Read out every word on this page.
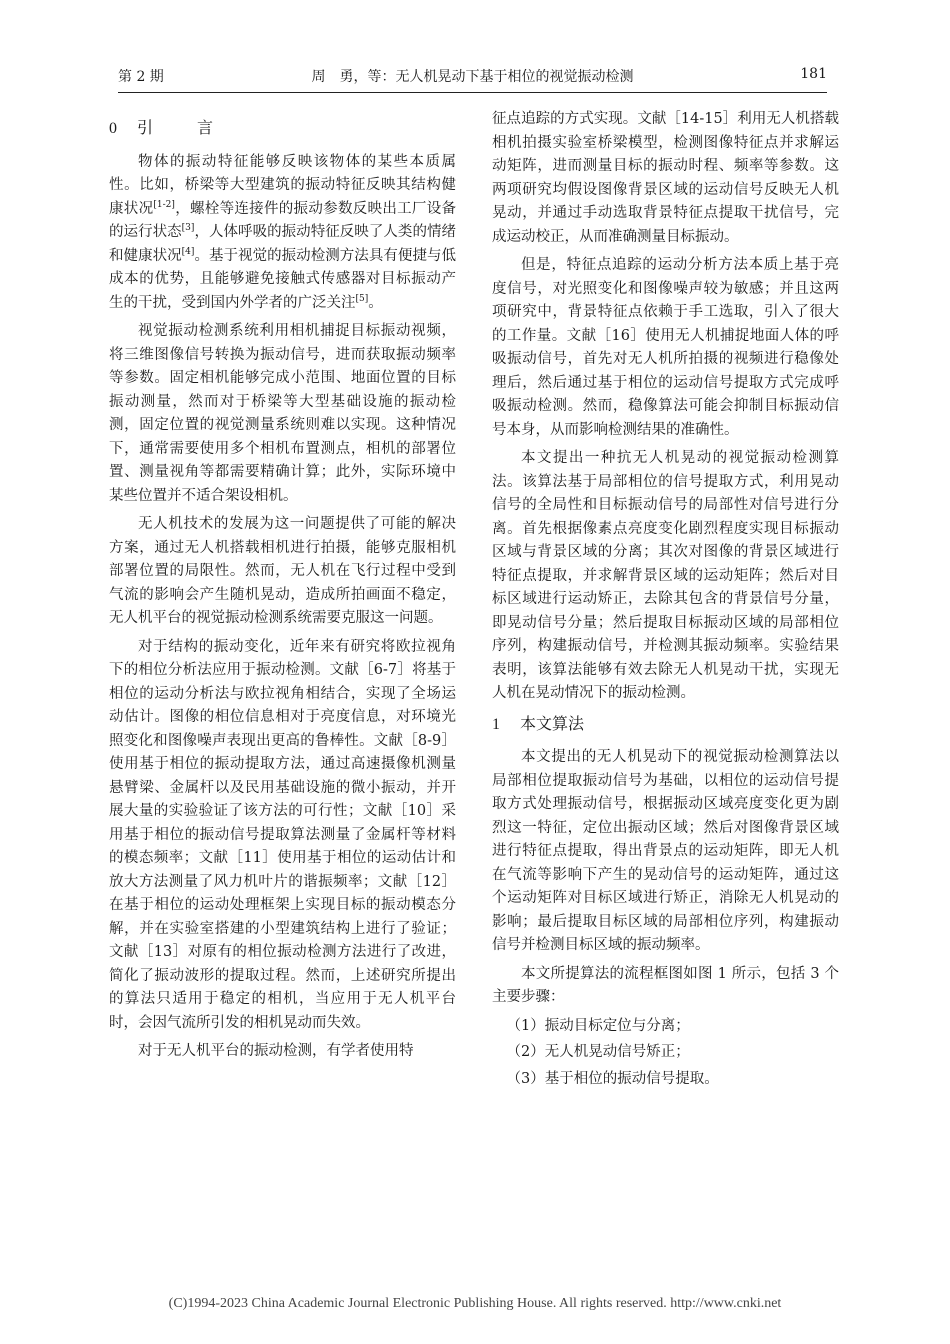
第 2 期	周　勇，等：无人机晃动下基于相位的视觉振动检测	181
0 引　言

物体的振动特征能够反映该物体的某些本质属性。比如，桥梁等大型建筑的振动特征反映其结构健康状况[1-2]，螺栓等连接件的振动参数反映出工厂设备的运行状态[3]，人体呼吸的振动特征反映了人类的情绪和健康状况[4]。基于视觉的振动检测方法具有便捷与低成本的优势，且能够避免接触式传感器对目标振动产生的干扰，受到国内外学者的广泛关注[5]。

视觉振动检测系统利用相机捕捉目标振动视频，将三维图像信号转换为振动信号，进而获取振动频率等参数。固定相机能够完成小范围、地面位置的目标振动测量，然而对于桥梁等大型基础设施的振动检测，固定位置的视觉测量系统则难以实现。这种情况下，通常需要使用多个相机布置测点，相机的部署位置、测量视角等都需要精确计算；此外，实际环境中某些位置并不适合架设相机。

无人机技术的发展为这一问题提供了可能的解决方案，通过无人机搭载相机进行拍摄，能够克服相机部署位置的局限性。然而，无人机在飞行过程中受到气流的影响会产生随机晃动，造成所拍画面不稳定，无人机平台的视觉振动检测系统需要克服这一问题。

对于结构的振动变化，近年来有研究将欧拉视角下的相位分析法应用于振动检测。文献［6-7］将基于相位的运动分析法与欧拉视角相结合，实现了全场运动估计。图像的相位信息相对于亮度信息，对环境光照变化和图像噪声表现出更高的鲁棒性。文献［8-9］使用基于相位的振动提取方法，通过高速摄像机测量悬臂梁、金属杆以及民用基础设施的微小振动，并开展大量的实验验证了该方法的可行性；文献［10］采用基于相位的振动信号提取算法测量了金属杆等材料的模态频率；文献［11］使用基于相位的运动估计和放大方法测量了风力机叶片的谐振频率；文献［12］在基于相位的运动处理框架上实现目标的振动模态分解，并在实验室搭建的小型建筑结构上进行了验证；文献［13］对原有的相位振动检测方法进行了改进，简化了振动波形的提取过程。然而，上述研究所提出的算法只适用于稳定的相机，当应用于无人机平台时，会因气流所引发的相机晃动而失效。

对于无人机平台的振动检测，有学者使用特

征点追踪的方式实现。文献［14-15］利用无人机搭载相机拍摄实验室桥梁模型，检测图像特征点并求解运动矩阵，进而测量目标的振动时程、频率等参数。这两项研究均假设图像背景区域的运动信号反映无人机晃动，并通过手动选取背景特征点提取干扰信号，完成运动校正，从而准确测量目标振动。

但是，特征点追踪的运动分析方法本质上基于亮度信号，对光照变化和图像噪声较为敏感；并且这两项研究中，背景特征点依赖于手工选取，引入了很大的工作量。文献［16］使用无人机捕捉地面人体的呼吸振动信号，首先对无人机所拍摄的视频进行稳像处理后，然后通过基于相位的运动信号提取方式完成呼吸振动检测。然而，稳像算法可能会抑制目标振动信号本身，从而影响检测结果的准确性。

本文提出一种抗无人机晃动的视觉振动检测算法。该算法基于局部相位的信号提取方式，利用晃动信号的全局性和目标振动信号的局部性对信号进行分离。首先根据像素点亮度变化剧烈程度实现目标振动区域与背景区域的分离；其次对图像的背景区域进行特征点提取，并求解背景区域的运动矩阵；然后对目标区域进行运动矫正，去除其包含的背景信号分量，即晃动信号分量；然后提取目标振动区域的局部相位序列，构建振动信号，并检测其振动频率。实验结果表明，该算法能够有效去除无人机晃动干扰，实现无人机在晃动情况下的振动检测。

1 本文算法

本文提出的无人机晃动下的视觉振动检测算法以局部相位提取振动信号为基础，以相位的运动信号提取方式处理振动信号，根据振动区域亮度变化更为剧烈这一特征，定位出振动区域；然后对图像背景区域进行特征点提取，得出背景点的运动矩阵，即无人机在气流等影响下产生的晃动信号的运动矩阵，通过这个运动矩阵对目标区域进行矫正，消除无人机晃动的影响；最后提取目标区域的局部相位序列，构建振动信号并检测目标区域的振动频率。

本文所提算法的流程框图如图 1 所示，包括 3 个主要步骤：

（1）振动目标定位与分离；

（2）无人机晃动信号矫正；

（3）基于相位的振动信号提取。

(C)1994-2023 China Academic Journal Electronic Publishing House. All rights reserved. http://www.cnki.net
